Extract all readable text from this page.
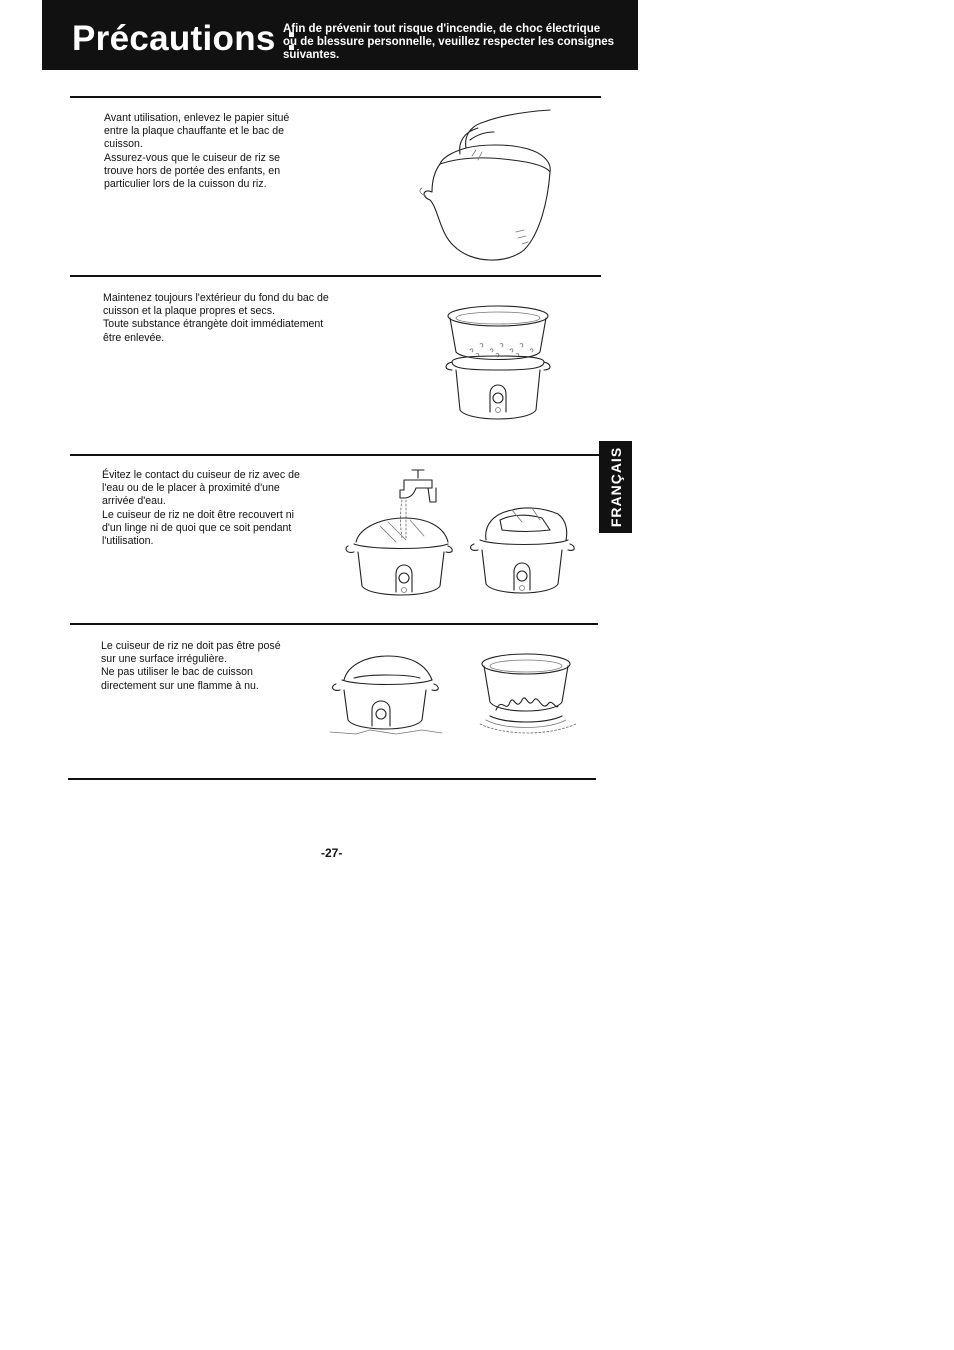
Précautions :
Afin de prévenir tout risque d'incendie, de choc électrique
ou de blessure personnelle, veuillez respecter les consignes
suivantes.
Avant utilisation, enlevez le papier situé
entre la plaque chauffante et le bac de
cuisson.
Assurez-vous que le cuiseur de riz se
trouve hors de portée des enfants, en
particulier lors de la cuisson du riz.
Maintenez toujours l'extérieur du fond du bac de
cuisson et la plaque propres et secs.
Toute substance étrangète doit immédiatement
être enlevée.
Évitez le contact du cuiseur de riz avec de
l'eau ou de le placer à proximité d'une
arrivée d'eau.
Le cuiseur de riz ne doit être recouvert ni
d'un linge ni de quoi que ce soit pendant
l'utilisation.
FRANÇAIS
Le cuiseur de riz ne doit pas être posé
sur une surface irrégulière.
Ne pas utiliser le bac de cuisson
directement sur une flamme à nu.
-27-
